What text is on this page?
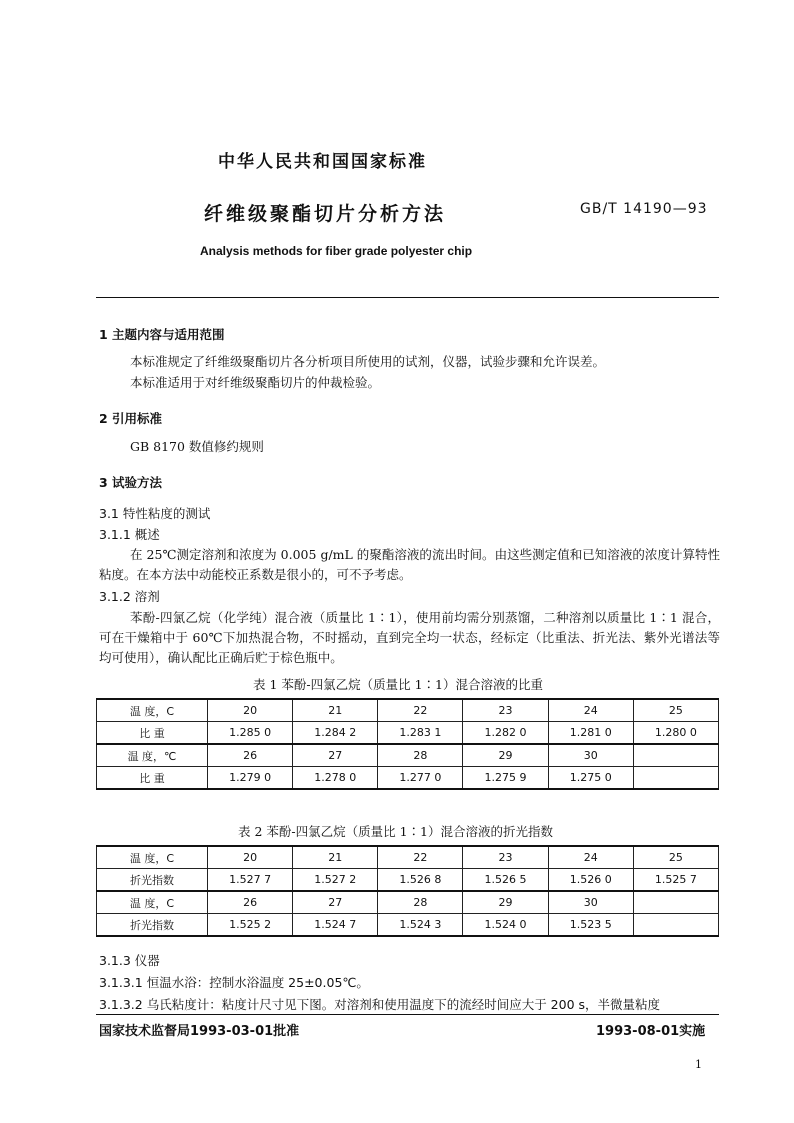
中华人民共和国国家标准
纤维级聚酯切片分析方法	GB/T 14190—93
Analysis methods for fiber grade polyester chip
1 主题内容与适用范围
本标准规定了纤维级聚酯切片各分析项目所使用的试剂，仪器，试验步骤和允许误差。
本标准适用于对纤维级聚酯切片的仲裁检验。
2 引用标准
GB 8170 数值修约规则
3 试验方法
3.1 特性粘度的测试
3.1.1 概述
在 25℃测定溶剂和浓度为 0.005 g/mL 的聚酯溶液的流出时间。由这些测定值和已知溶液的浓度计算特性粘度。在本方法中动能校正系数是很小的，可不予考虑。
3.1.2 溶剂
苯酚-四氯乙烷（化学纯）混合液（质量比 1∶1），使用前均需分别蒸馏，二种溶剂以质量比 1∶1 混合，可在干燥箱中于 60℃下加热混合物，不时摇动，直到完全均一状态，经标定（比重法、折光法、紫外光谱法等均可使用），确认配比正确后贮于棕色瓶中。
表 1 苯酚-四氯乙烷（质量比 1∶1）混合溶液的比重
温 度，C	20	21	22	23	24	25
比 重	1.285 0	1.284 2	1.283 1	1.282 0	1.281 0	1.280 0
温 度，℃	26	27	28	29	30	
比 重	1.279 0	1.278 0	1.277 0	1.275 9	1.275 0	
表 2 苯酚-四氯乙烷（质量比 1∶1）混合溶液的折光指数
温 度，C	20	21	22	23	24	25
折光指数	1.527 7	1.527 2	1.526 8	1.526 5	1.526 0	1.525 7
温 度，C	26	27	28	29	30	
折光指数	1.525 2	1.524 7	1.524 3	1.524 0	1.523 5	
3.1.3 仪器
3.1.3.1 恒温水浴：控制水浴温度 25±0.05℃。
3.1.3.2 乌氏粘度计：粘度计尺寸见下图。对溶剂和使用温度下的流经时间应大于 200 s，半微量粘度
国家技术监督局1993-03-01批准	1993-08-01实施
1
